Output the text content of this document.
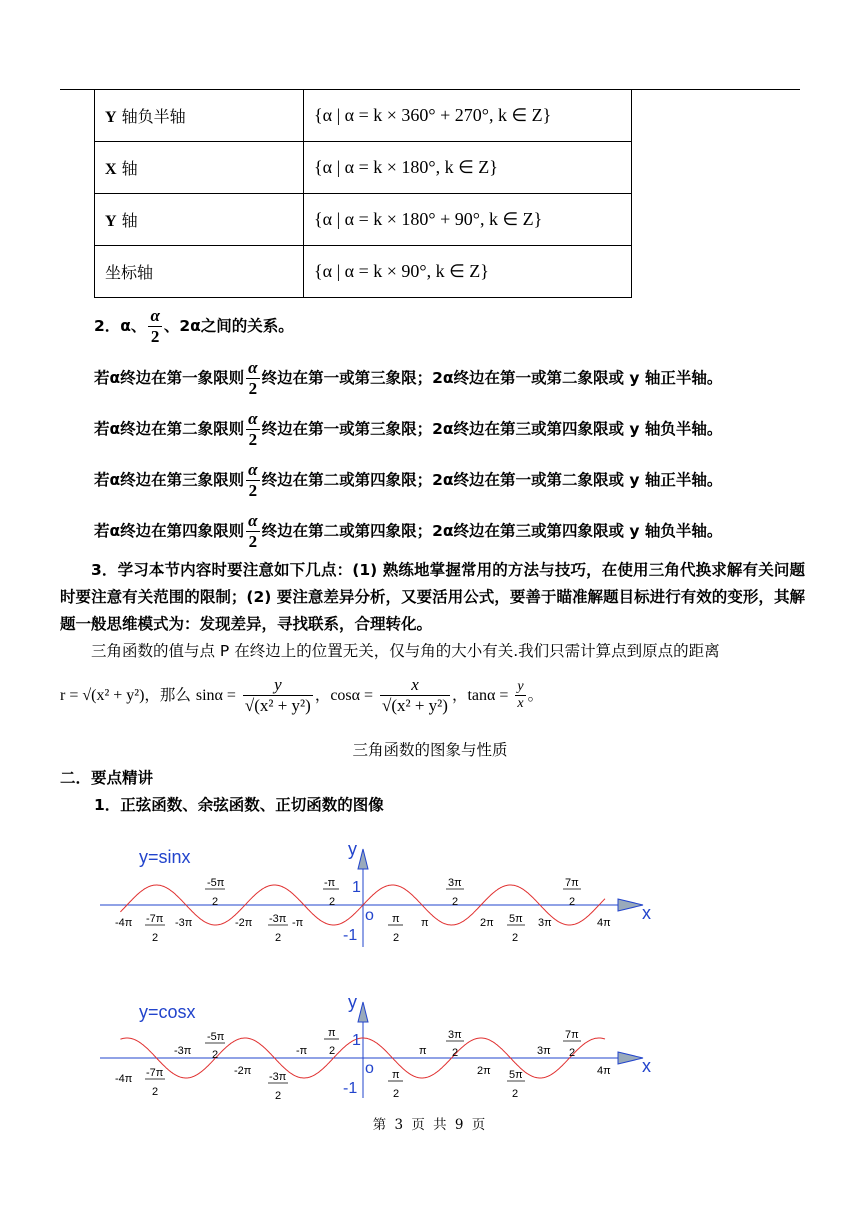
Y 轴负半轴	{α | α = k × 360° + 270°, k ∈ Z}
X 轴	{α | α = k × 180°, k ∈ Z}
Y 轴	{α | α = k × 180° + 90°, k ∈ Z}
坐标轴	{α | α = k × 90°, k ∈ Z}
2．α、 $\frac{\alpha}{2}$ 、2α之间的关系。
若α终边在第一象限则 $\frac{\alpha}{2}$ 终边在第一或第三象限；2α终边在第一或第二象限或 y 轴正半轴。
若α终边在第二象限则 $\frac{\alpha}{2}$ 终边在第一或第三象限；2α终边在第三或第四象限或 y 轴负半轴。
若α终边在第三象限则 $\frac{\alpha}{2}$ 终边在第二或第四象限；2α终边在第一或第二象限或 y 轴正半轴。
若α终边在第四象限则 $\frac{\alpha}{2}$ 终边在第二或第四象限；2α终边在第三或第四象限或 y 轴负半轴。
3．学习本节内容时要注意如下几点：(1) 熟练地掌握常用的方法与技巧，在使用三角代换求解有关问题时要注意有关范围的限制；(2) 要注意差异分析，又要活用公式，要善于瞄准解题目标进行有效的变形，其解题一般思维模式为：发现差异，寻找联系，合理转化。
三角函数的值与点 P 在终边上的位置无关，仅与角的大小有关.我们只需计算点到原点的距离
r = √(x² + y²)，那么 $\sin\alpha = \frac{y}{\text{√(x² + y²)}}$ ，$\cos\alpha = \frac{x}{\text{√(x² + y²)}}$ ，$\tan\alpha = \frac{y}{x}$ 。
三角函数的图象与性质
二．要点精讲
1．正弦函数、余弦函数、正切函数的图像
y=sinx	y
x
o
1
-1
-4π	-3π	-2π	-π	π	2π	3π	4π
-7π
2
-3π
2
π
2
5π
2
-5π
2
-π
2
3π
2
7π
2
y=cosx	y
x
o
1
-1
-4π
-2π	2π	4π
-3π	-π	π	3π
-7π
2
-3π
2
π
2
5π
2
-5π
2
π
2
3π
2
7π
2
第 3 页 共 9 页
